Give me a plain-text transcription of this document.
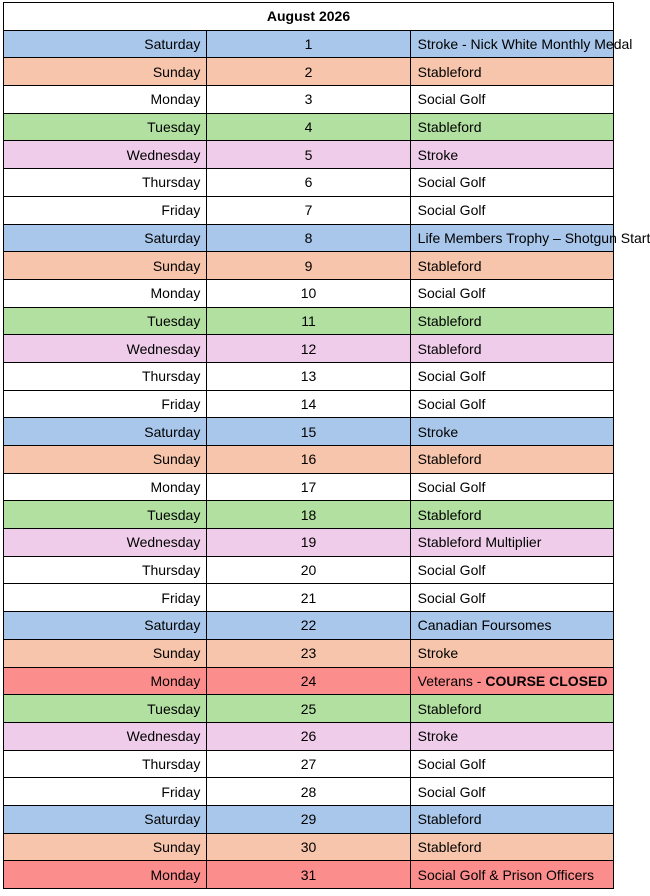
August 2026		
Saturday	1	Stroke - Nick White Monthly Medal
Sunday	2	Stableford
Monday	3	Social Golf
Tuesday	4	Stableford
Wednesday	5	Stroke
Thursday	6	Social Golf
Friday	7	Social Golf
Saturday	8	Life Members Trophy – Shotgun Start
Sunday	9	Stableford
Monday	10	Social Golf
Tuesday	11	Stableford
Wednesday	12	Stableford
Thursday	13	Social Golf
Friday	14	Social Golf
Saturday	15	Stroke
Sunday	16	Stableford
Monday	17	Social Golf
Tuesday	18	Stableford
Wednesday	19	Stableford Multiplier
Thursday	20	Social Golf
Friday	21	Social Golf
Saturday	22	Canadian Foursomes
Sunday	23	Stroke
Monday	24	Veterans - COURSE CLOSED
Tuesday	25	Stableford
Wednesday	26	Stroke
Thursday	27	Social Golf
Friday	28	Social Golf
Saturday	29	Stableford
Sunday	30	Stableford
Monday	31	Social Golf & Prison Officers
